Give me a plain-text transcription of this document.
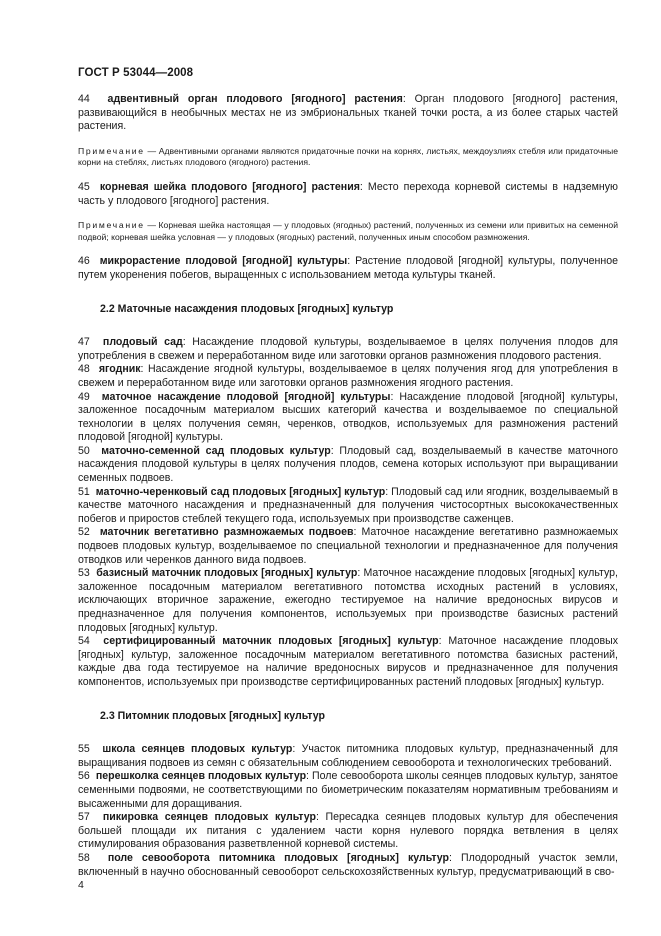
ГОСТ Р 53044—2008

44 адвентивный орган плодового [ягодного] растения: Орган плодового [ягодного] растения, развивающийся в необычных местах не из эмбриональных тканей точки роста, а из более старых частей растения.

Примечание — Адвентивными органами являются придаточные почки на корнях, листьях, междоузлиях стебля или придаточные корни на стеблях, листьях плодового (ягодного) растения.

45 корневая шейка плодового [ягодного] растения: Место перехода корневой системы в надземную часть у плодового [ягодного] растения.

Примечание — Корневая шейка настоящая — у плодовых (ягодных) растений, полученных из семени или привитых на семенной подвой; корневая шейка условная — у плодовых (ягодных) растений, полученных иным способом размножения.

46 микрорастение плодовой [ягодной] культуры: Растение плодовой [ягодной] культуры, полученное путем укоренения побегов, выращенных с использованием метода культуры тканей.

2.2 Маточные насаждения плодовых [ягодных] культур

47 плодовый сад: Насаждение плодовой культуры, возделываемое в целях получения плодов для употребления в свежем и переработанном виде или заготовки органов размножения плодового растения.

48 ягодник: Насаждение ягодной культуры, возделываемое в целях получения ягод для употребления в свежем и переработанном виде или заготовки органов размножения ягодного растения.

49 маточное насаждение плодовой [ягодной] культуры: Насаждение плодовой [ягодной] культуры, заложенное посадочным материалом высших категорий качества и возделываемое по специальной технологии в целях получения семян, черенков, отводков, используемых для размножения растений плодовой [ягодной] культуры.

50 маточно-семенной сад плодовых культур: Плодовый сад, возделываемый в качестве маточного насаждения плодовой культуры в целях получения плодов, семена которых используют при выращивании семенных подвоев.

51 маточно-черенковый сад плодовых [ягодных] культур: Плодовый сад или ягодник, возделываемый в качестве маточного насаждения и предназначенный для получения чистосортных высококачественных побегов и приростов стеблей текущего года, используемых при производстве саженцев.

52 маточник вегетативно размножаемых подвоев: Маточное насаждение вегетативно размножаемых подвоев плодовых культур, возделываемое по специальной технологии и предназначенное для получения отводков или черенков данного вида подвоев.

53 базисный маточник плодовых [ягодных] культур: Маточное насаждение плодовых [ягодных] культур, заложенное посадочным материалом вегетативного потомства исходных растений в условиях, исключающих вторичное заражение, ежегодно тестируемое на наличие вредоносных вирусов и предназначенное для получения компонентов, используемых при производстве базисных растений плодовых [ягодных] культур.

54 сертифицированный маточник плодовых [ягодных] культур: Маточное насаждение плодовых [ягодных] культур, заложенное посадочным материалом вегетативного потомства базисных растений, каждые два года тестируемое на наличие вредоносных вирусов и предназначенное для получения компонентов, используемых при производстве сертифицированных растений плодовых [ягодных] культур.

2.3 Питомник плодовых [ягодных] культур

55 школа сеянцев плодовых культур: Участок питомника плодовых культур, предназначенный для выращивания подвоев из семян с обязательным соблюдением севооборота и технологических требований.

56 перешколка сеянцев плодовых культур: Поле севооборота школы сеянцев плодовых культур, занятое семенными подвоями, не соответствующими по биометрическим показателям нормативным требованиям и высаженными для доращивания.

57 пикировка сеянцев плодовых культур: Пересадка сеянцев плодовых культур для обеспечения большей площади их питания с удалением части корня нулевого порядка ветвления в целях стимулирования образования разветвленной корневой системы.

58 поле севооборота питомника плодовых [ягодных] культур: Плодородный участок земли, включенный в научно обоснованный севооборот сельскохозяйственных культур, предусматривающий в сво-

4
